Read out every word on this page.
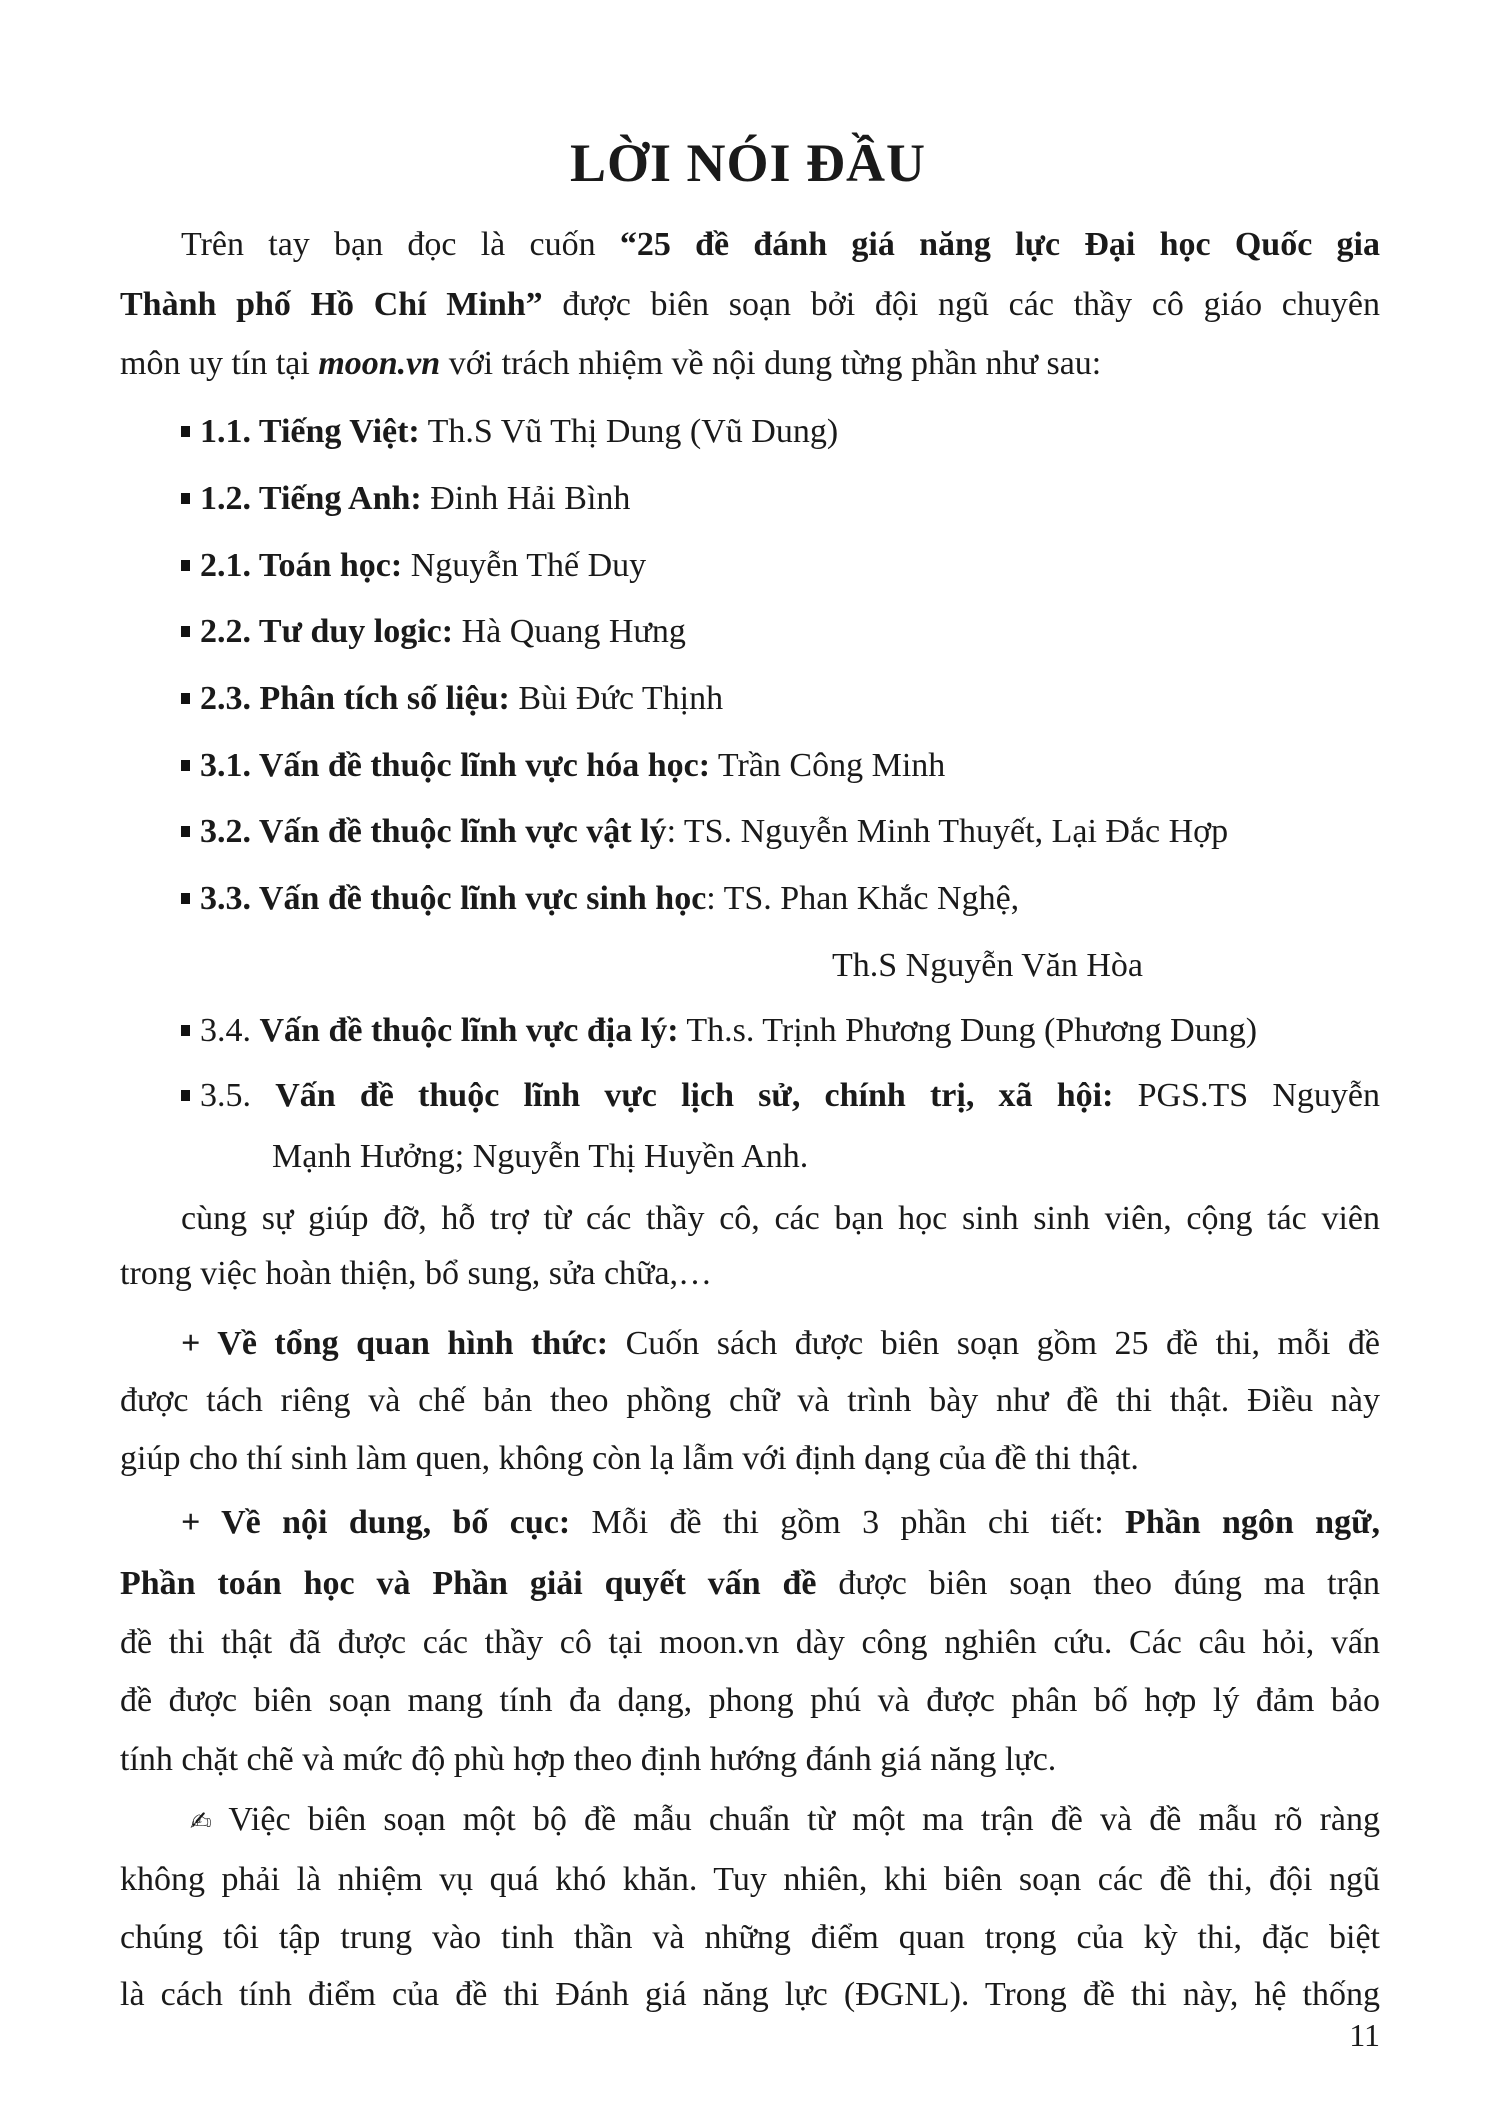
LỜI NÓI ĐẦU
Trên tay bạn đọc là cuốn “25 đề đánh giá năng lực Đại học Quốc gia
Thành phố Hồ Chí Minh” được biên soạn bởi đội ngũ các thầy cô giáo chuyên
môn uy tín tại moon.vn với trách nhiệm về nội dung từng phần như sau:
1.1. Tiếng Việt: Th.S Vũ Thị Dung (Vũ Dung)
1.2. Tiếng Anh: Đinh Hải Bình
2.1. Toán học: Nguyễn Thế Duy
2.2. Tư duy logic: Hà Quang Hưng
2.3. Phân tích số liệu: Bùi Đức Thịnh
3.1. Vấn đề thuộc lĩnh vực hóa học: Trần Công Minh
3.2. Vấn đề thuộc lĩnh vực vật lý: TS. Nguyễn Minh Thuyết, Lại Đắc Hợp
3.3. Vấn đề thuộc lĩnh vực sinh học: TS. Phan Khắc Nghệ,
Th.S Nguyễn Văn Hòa
3.4. Vấn đề thuộc lĩnh vực địa lý: Th.s. Trịnh Phương Dung (Phương Dung)
3.5. Vấn đề thuộc lĩnh vực lịch sử, chính trị, xã hội: PGS.TS Nguyễn
Mạnh Hưởng; Nguyễn Thị Huyền Anh.
cùng sự giúp đỡ, hỗ trợ từ các thầy cô, các bạn học sinh sinh viên, cộng tác viên
trong việc hoàn thiện, bổ sung, sửa chữa,…
+ Về tổng quan hình thức: Cuốn sách được biên soạn gồm 25 đề thi, mỗi đề
được tách riêng và chế bản theo phồng chữ và trình bày như đề thi thật. Điều này
giúp cho thí sinh làm quen, không còn lạ lẫm với định dạng của đề thi thật.
+ Về nội dung, bố cục: Mỗi đề thi gồm 3 phần chi tiết: Phần ngôn ngữ,
Phần toán học và Phần giải quyết vấn đề được biên soạn theo đúng ma trận
đề thi thật đã được các thầy cô tại moon.vn dày công nghiên cứu. Các câu hỏi, vấn
đề được biên soạn mang tính đa dạng, phong phú và được phân bố hợp lý đảm bảo
tính chặt chẽ và mức độ phù hợp theo định hướng đánh giá năng lực.
✍ Việc biên soạn một bộ đề mẫu chuẩn từ một ma trận đề và đề mẫu rõ ràng
không phải là nhiệm vụ quá khó khăn. Tuy nhiên, khi biên soạn các đề thi, đội ngũ
chúng tôi tập trung vào tinh thần và những điểm quan trọng của kỳ thi, đặc biệt
là cách tính điểm của đề thi Đánh giá năng lực (ĐGNL). Trong đề thi này, hệ thống
11
